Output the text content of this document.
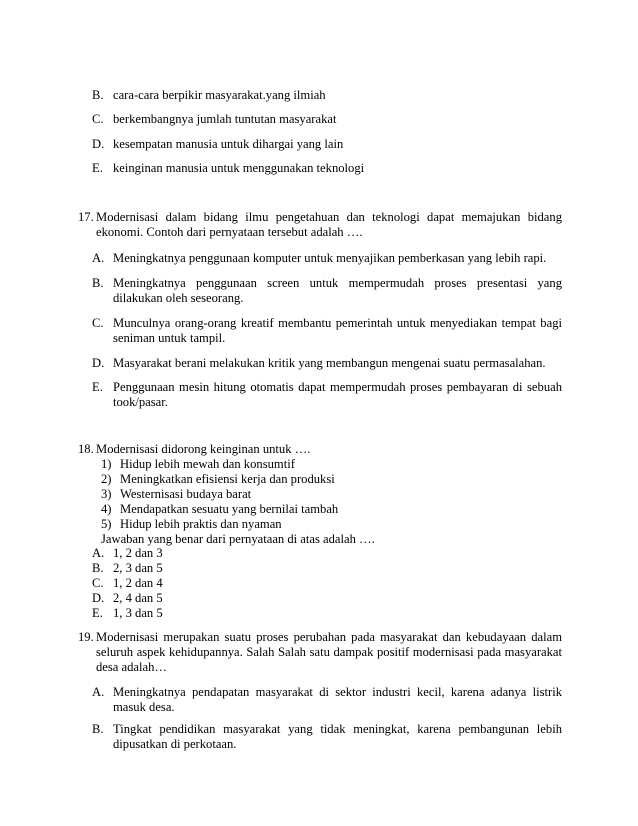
B. cara-cara berpikir masyarakat.yang ilmiah
C. berkembangnya jumlah tuntutan masyarakat
D. kesempatan manusia untuk dihargai yang lain
E. keinginan manusia untuk menggunakan teknologi
17. Modernisasi dalam bidang ilmu pengetahuan dan teknologi dapat memajukan bidang ekonomi. Contoh dari pernyataan tersebut adalah ….
A. Meningkatnya penggunaan komputer untuk menyajikan pemberkasan yang lebih rapi.
B. Meningkatnya penggunaan screen untuk mempermudah proses presentasi yang dilakukan oleh seseorang.
C. Munculnya orang-orang kreatif membantu pemerintah untuk menyediakan tempat bagi seniman untuk tampil.
D. Masyarakat berani melakukan kritik yang membangun mengenai suatu permasalahan.
E. Penggunaan mesin hitung otomatis dapat mempermudah proses pembayaran di sebuah took/pasar.
18. Modernisasi didorong keinginan untuk ….
1) Hidup lebih mewah dan konsumtif
2) Meningkatkan efisiensi kerja dan produksi
3) Westernisasi budaya barat
4) Mendapatkan sesuatu yang bernilai tambah
5) Hidup lebih praktis dan nyaman
Jawaban yang benar dari pernyataan di atas adalah ….
A. 1, 2 dan 3
B. 2, 3 dan 5
C. 1, 2 dan 4
D. 2, 4 dan 5
E. 1, 3 dan 5
19. Modernisasi merupakan suatu proses perubahan pada masyarakat dan kebudayaan dalam seluruh aspek kehidupannya. Salah Salah satu dampak positif modernisasi pada masyarakat desa adalah…
A. Meningkatnya pendapatan masyarakat di sektor industri kecil, karena adanya listrik masuk desa.
B. Tingkat pendidikan masyarakat yang tidak meningkat, karena pembangunan lebih dipusatkan di perkotaan.
